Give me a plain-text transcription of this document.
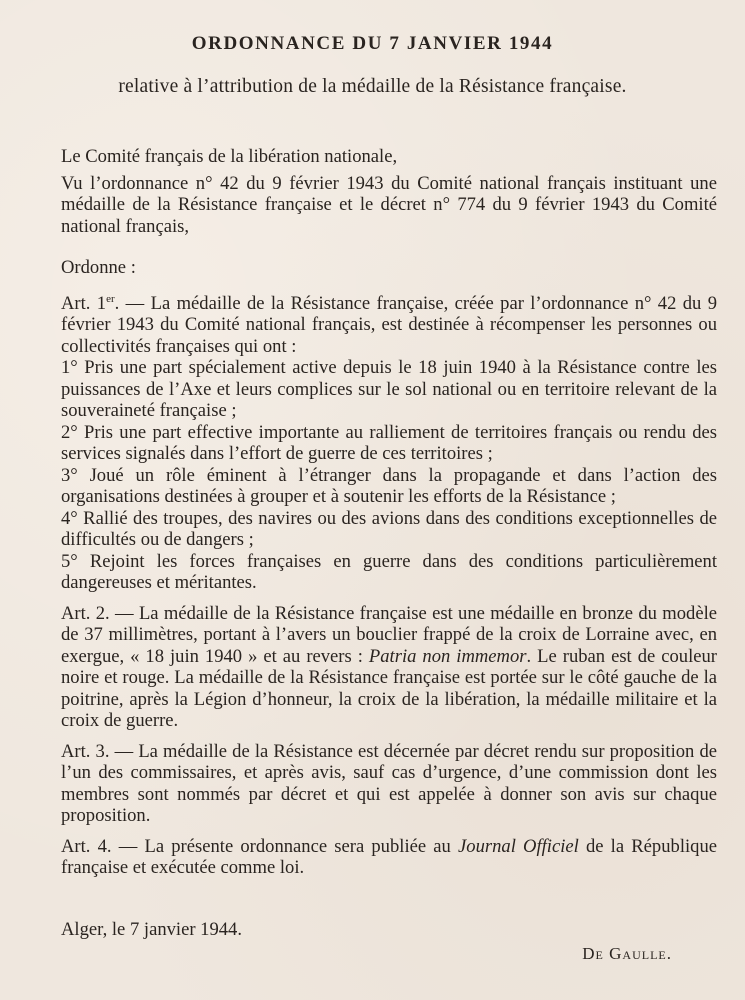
ORDONNANCE DU 7 JANVIER 1944
relative à l’attribution de la médaille de la Résistance française.

Le Comité français de la libération nationale,

Vu l’ordonnance n° 42 du 9 février 1943 du Comité national français instituant une médaille de la Résistance française et le décret n° 774 du 9 février 1943 du Comité national français,

Ordonne :

Art. 1er. — La médaille de la Résistance française, créée par l’ordonnance n° 42 du 9 février 1943 du Comité national français, est destinée à récompenser les personnes ou collectivités françaises qui ont :

1° Pris une part spécialement active depuis le 18 juin 1940 à la Résistance contre les puissances de l’Axe et leurs complices sur le sol national ou en territoire relevant de la souveraineté française ;

2° Pris une part effective importante au ralliement de territoires français ou rendu des services signalés dans l’effort de guerre de ces territoires ;

3° Joué un rôle éminent à l’étranger dans la propagande et dans l’action des organisations destinées à grouper et à soutenir les efforts de la Résistance ;

4° Rallié des troupes, des navires ou des avions dans des conditions exceptionnelles de difficultés ou de dangers ;

5° Rejoint les forces françaises en guerre dans des conditions particulièrement dangereuses et méritantes.

Art. 2. — La médaille de la Résistance française est une médaille en bronze du modèle de 37 millimètres, portant à l’avers un bouclier frappé de la croix de Lorraine avec, en exergue, « 18 juin 1940 » et au revers : Patria non immemor. Le ruban est de couleur noire et rouge. La médaille de la Résistance française est portée sur le côté gauche de la poitrine, après la Légion d’honneur, la croix de la libération, la médaille militaire et la croix de guerre.

Art. 3. — La médaille de la Résistance est décernée par décret rendu sur proposition de l’un des commissaires, et après avis, sauf cas d’urgence, d’une commission dont les membres sont nommés par décret et qui est appelée à donner son avis sur chaque proposition.

Art. 4. — La présente ordonnance sera publiée au Journal Officiel de la République française et exécutée comme loi.

Alger, le 7 janvier 1944.

De Gaulle.
